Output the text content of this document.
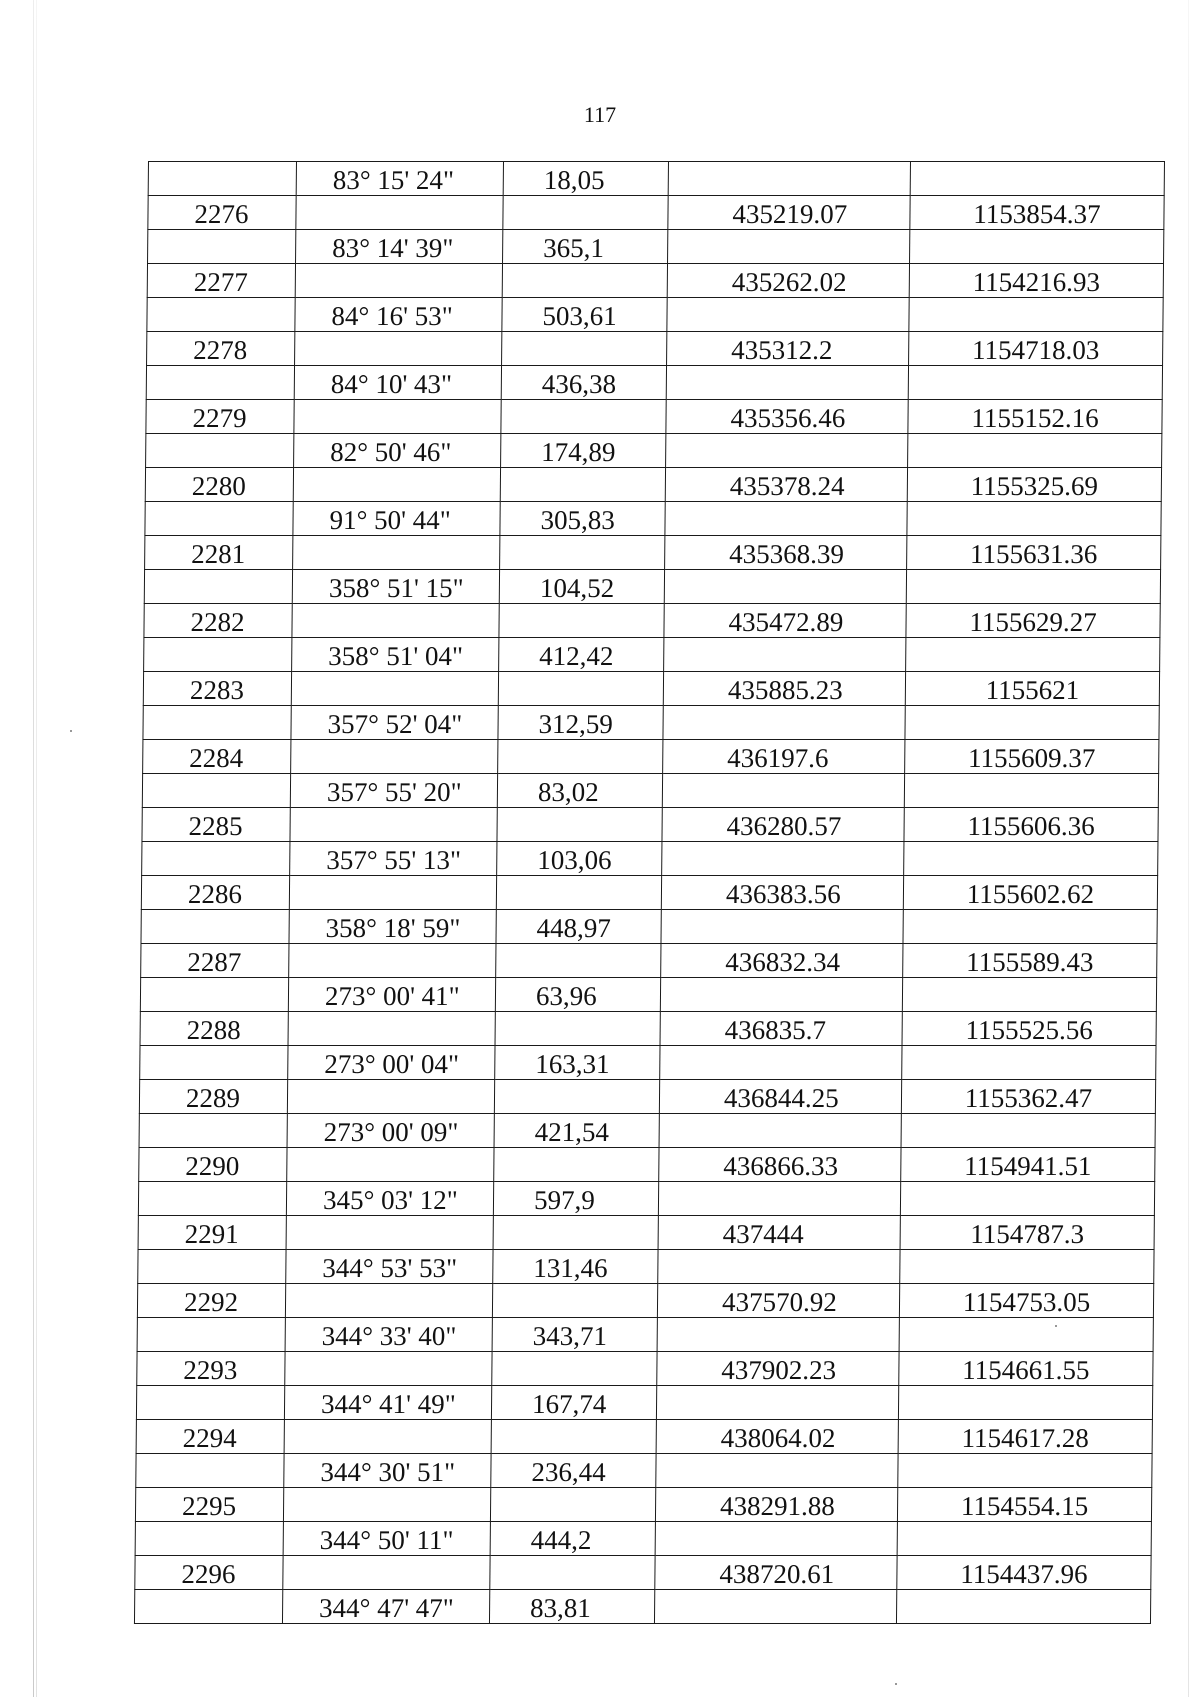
117

	83° 15' 24"	18,05		

2276			435219.07	1153854.37

	83° 14' 39"	365,1		

2277			435262.02	1154216.93

	84° 16' 53"	503,61		

2278			435312.2	1154718.03

	84° 10' 43"	436,38		

2279			435356.46	1155152.16

	82° 50' 46"	174,89		

2280			435378.24	1155325.69

	91° 50' 44"	305,83		

2281			435368.39	1155631.36

	358° 51' 15"	104,52		

2282			435472.89	1155629.27

	358° 51' 04"	412,42		

2283			435885.23	1155621

	357° 52' 04"	312,59		

2284			436197.6	1155609.37

	357° 55' 20"	83,02		

2285			436280.57	1155606.36

	357° 55' 13"	103,06		

2286			436383.56	1155602.62

	358° 18' 59"	448,97		

2287			436832.34	1155589.43

	273° 00' 41"	63,96		

2288			436835.7	1155525.56

	273° 00' 04"	163,31		

2289			436844.25	1155362.47

	273° 00' 09"	421,54		

2290			436866.33	1154941.51

	345° 03' 12"	597,9		

2291			437444	1154787.3

	344° 53' 53"	131,46		

2292			437570.92	1154753.05

	344° 33' 40"	343,71		

2293			437902.23	1154661.55

	344° 41' 49"	167,74		

2294			438064.02	1154617.28

	344° 30' 51"	236,44		

2295			438291.88	1154554.15

	344° 50' 11"	444,2		

2296			438720.61	1154437.96

	344° 47' 47"	83,81		
